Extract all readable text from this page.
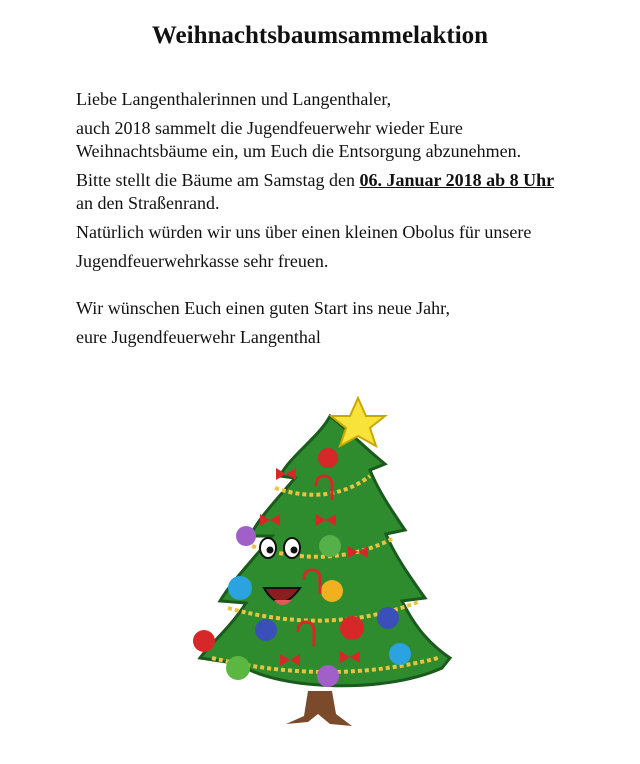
Weihnachtsbaumsammelaktion

Liebe Langenthalerinnen und Langenthaler,

auch 2018 sammelt die Jugendfeuerwehr wieder Eure Weihnachtsbäume ein, um Euch die Entsorgung abzunehmen.

Bitte stellt die Bäume am Samstag den 06. Januar 2018 ab 8 Uhr an den Straßenrand.

Natürlich würden wir uns über einen kleinen Obolus für unsere

Jugendfeuerwehrkasse sehr freuen.

Wir wünschen Euch einen guten Start ins neue Jahr,

eure Jugendfeuerwehr Langenthal
